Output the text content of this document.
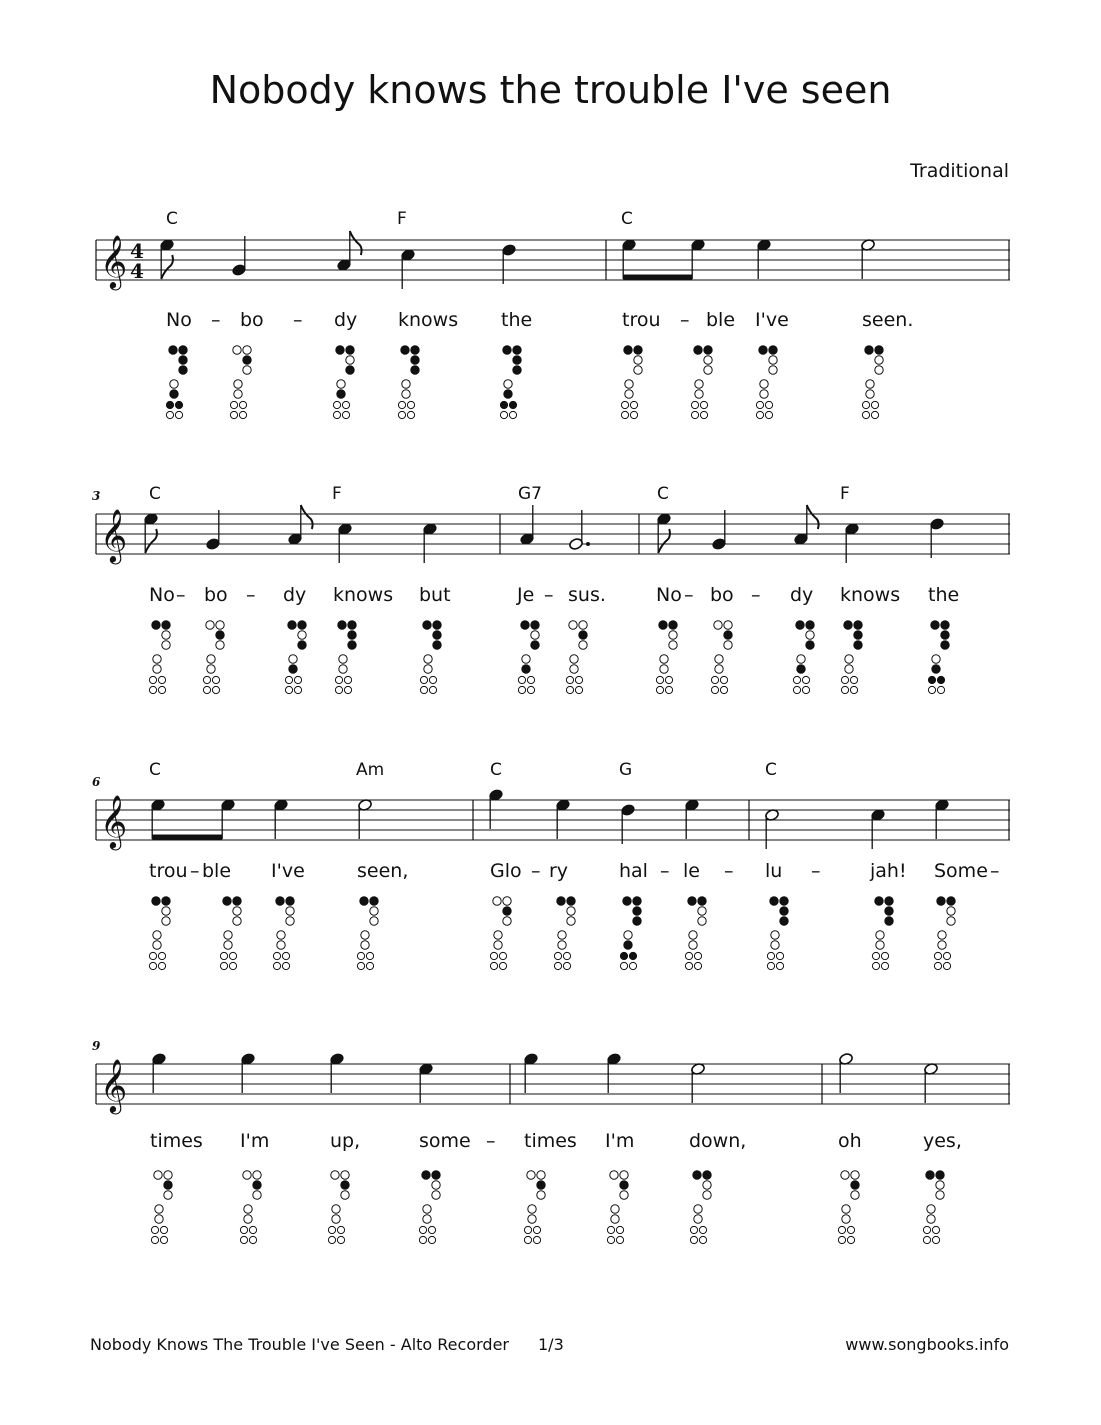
Nobody knows the trouble I've seen
Traditional
𝄞 4
4
C	F	C
No – bo – dy knows the	trou – ble I've	seen.
𝄞
3	C	F	G7	C	F
No – bo – dy knows but	Je – sus.	No – bo – dy knows the
𝄞
6
C	Am	C	G	C
trou – ble I've	seen,	Glo – ry	hal – le – lu –	jah! Some –
𝄞
9
times I'm	up,	some – times I'm	down,	oh	yes,
Nobody Knows The Trouble I've Seen - Alto Recorder 1/3	www.songbooks.info
